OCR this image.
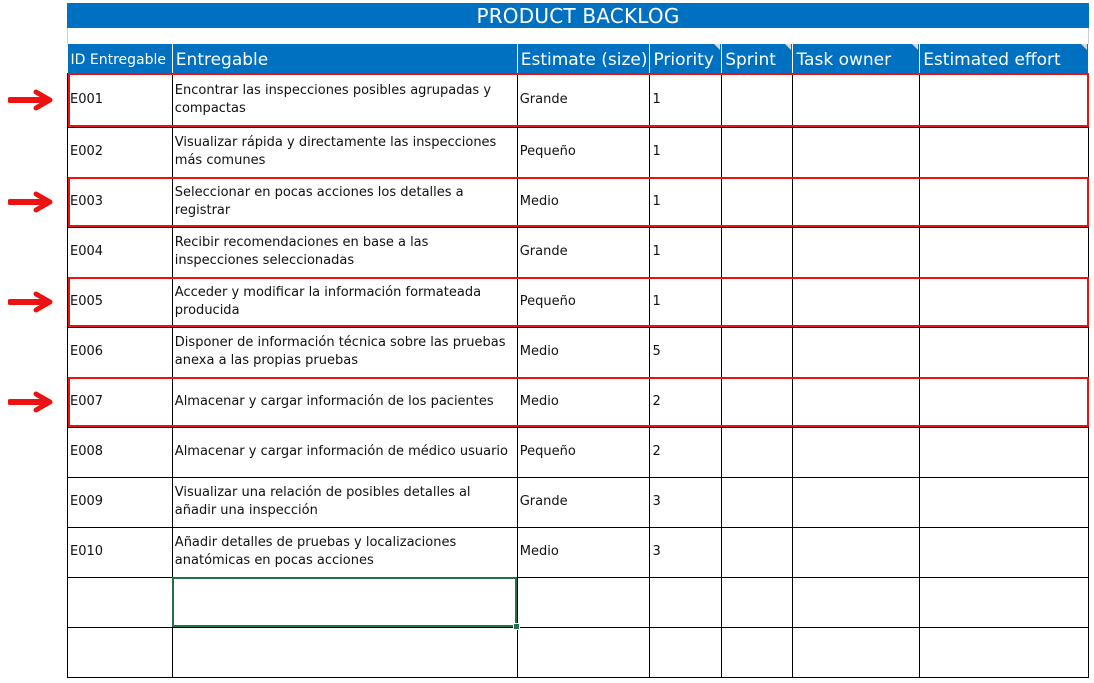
PRODUCT BACKLOG
ID Entregable	Entregable	Estimate (size)	Priority	Sprint	Task owner	Estimated effort

E001	Encontrar las inspecciones posibles agrupadas y compactas	Grande	1			
E002	Visualizar rápida y directamente las inspecciones más comunes	Pequeño	1			
E003	Seleccionar en pocas acciones los detalles a registrar	Medio	1			
E004	Recibir recomendaciones en base a las inspecciones seleccionadas	Grande	1			
E005	Acceder y modificar la información formateada producida	Pequeño	1			
E006	Disponer de información técnica sobre las pruebas anexa a las propias pruebas	Medio	5			
E007	Almacenar y cargar información de los pacientes	Medio	2			
E008	Almacenar y cargar información de médico usuario	Pequeño	2			
E009	Visualizar una relación de posibles detalles al añadir una inspección	Grande	3			
E010	Añadir detalles de pruebas y localizaciones anatómicas en pocas acciones	Medio	3			
